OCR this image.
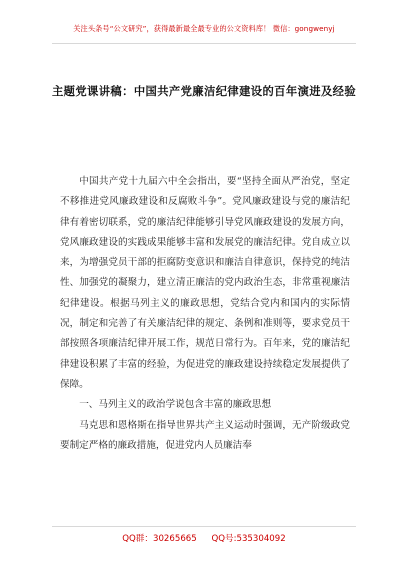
关注头条号“公文研究”，获得最新最全最专业的公文资料库！ 微信：gongwenyj
主题党课讲稿：中国共产党廉洁纪律建设的百年演进及经验

中国共产党十九届六中全会指出，要“坚持全面从严治党，坚定不移推进党风廉政建设和反腐败斗争”。党风廉政建设与党的廉洁纪律有着密切联系，党的廉洁纪律能够引导党风廉政建设的发展方向，党风廉政建设的实践成果能够丰富和发展党的廉洁纪律。党自成立以来，为增强党员干部的拒腐防变意识和廉洁自律意识，保持党的纯洁性、加强党的凝聚力，建立清正廉洁的党内政治生态，非常重视廉洁纪律建设。根据马列主义的廉政思想，党结合党内和国内的实际情况，制定和完善了有关廉洁纪律的规定、条例和准则等，要求党员干部按照各项廉洁纪律开展工作，规范日常行为。百年来，党的廉洁纪律建设积累了丰富的经验，为促进党的廉政建设持续稳定发展提供了保障。

一、马列主义的政治学说包含丰富的廉政思想

马克思和恩格斯在指导世界共产主义运动时强调，无产阶级政党要制定严格的廉政措施，促进党内人员廉洁奉

QQ群：30265665 QQ号:535304092
